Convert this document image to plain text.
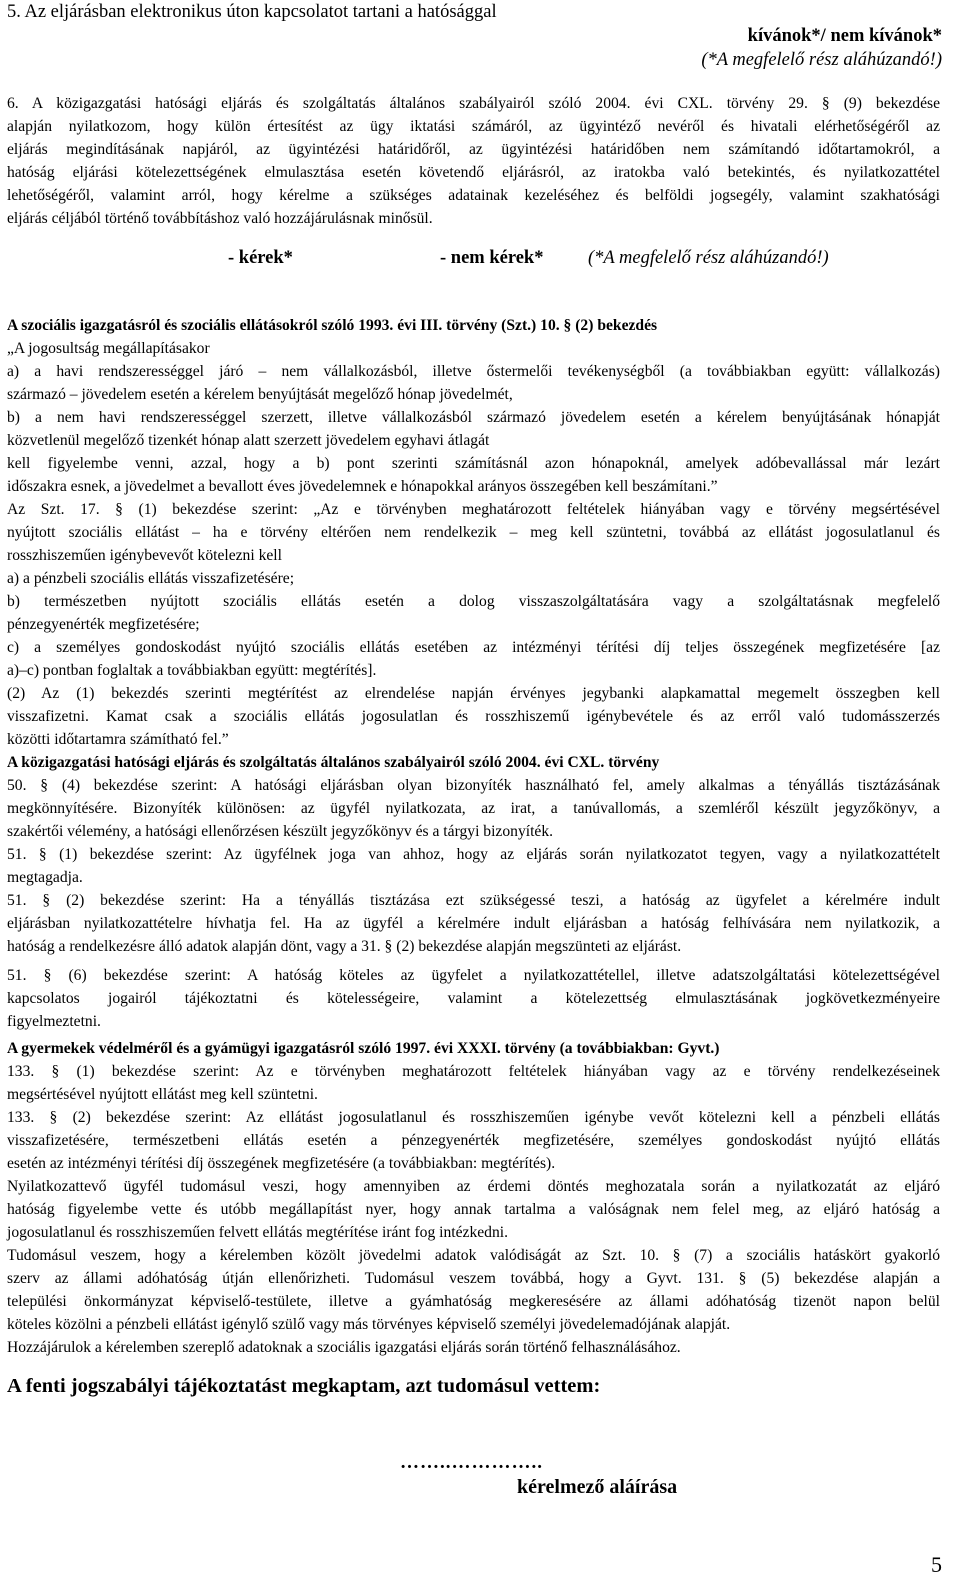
5. Az eljárásban elektronikus úton kapcsolatot tartani a hatósággal
kívánok*/ nem kívánok*
(*A megfelelő rész aláhúzandó!)
6. A közigazgatási hatósági eljárás és szolgáltatás általános szabályairól szóló 2004. évi CXL. törvény 29. § (9) bekezdése
alapján nyilatkozom, hogy külön értesítést az ügy iktatási számáról, az ügyintéző nevéről és hivatali elérhetőségéről az
eljárás megindításának napjáról, az ügyintézési határidőről, az ügyintézési határidőben nem számítandó időtartamokról, a
hatóság eljárási kötelezettségének elmulasztása esetén követendő eljárásról, az iratokba való betekintés, és nyilatkozattétel
lehetőségéről, valamint arról, hogy kérelme a szükséges adatainak kezeléséhez és belföldi jogsegély, valamint szakhatósági
eljárás céljából történő továbbításhoz való hozzájárulásnak minősül.
- kérek*	- nem kérek* (*A megfelelő rész aláhúzandó!)
A szociális igazgatásról és szociális ellátásokról szóló 1993. évi III. törvény (Szt.) 10. § (2) bekezdés
„A jogosultság megállapításakor
a) a havi rendszerességgel járó – nem vállalkozásból, illetve őstermelői tevékenységből (a továbbiakban együtt: vállalkozás)
származó – jövedelem esetén a kérelem benyújtását megelőző hónap jövedelmét,
b) a nem havi rendszerességgel szerzett, illetve vállalkozásból származó jövedelem esetén a kérelem benyújtásának hónapját
közvetlenül megelőző tizenkét hónap alatt szerzett jövedelem egyhavi átlagát
kell figyelembe venni, azzal, hogy a b) pont szerinti számításnál azon hónapoknál, amelyek adóbevallással már lezárt
időszakra esnek, a jövedelmet a bevallott éves jövedelemnek e hónapokkal arányos összegében kell beszámítani.”
Az Szt. 17. § (1) bekezdése szerint: „Az e törvényben meghatározott feltételek hiányában vagy e törvény megsértésével
nyújtott szociális ellátást – ha e törvény eltérően nem rendelkezik – meg kell szüntetni, továbbá az ellátást jogosulatlanul és
rosszhiszeműen igénybevevőt kötelezni kell
a) a pénzbeli szociális ellátás visszafizetésére;
b) természetben nyújtott szociális ellátás esetén a dolog visszaszolgáltatására vagy a szolgáltatásnak megfelelő
pénzegyenérték megfizetésére;
c) a személyes gondoskodást nyújtó szociális ellátás esetében az intézményi térítési díj teljes összegének megfizetésére [az
a)–c) pontban foglaltak a továbbiakban együtt: megtérítés].
(2) Az (1) bekezdés szerinti megtérítést az elrendelése napján érvényes jegybanki alapkamattal megemelt összegben kell
visszafizetni. Kamat csak a szociális ellátás jogosulatlan és rosszhiszemű igénybevétele és az erről való tudomásszerzés
közötti időtartamra számítható fel.”
A közigazgatási hatósági eljárás és szolgáltatás általános szabályairól szóló 2004. évi CXL. törvény
50. § (4) bekezdése szerint: A hatósági eljárásban olyan bizonyíték használható fel, amely alkalmas a tényállás tisztázásának
megkönnyítésére. Bizonyíték különösen: az ügyfél nyilatkozata, az irat, a tanúvallomás, a szemléről készült jegyzőkönyv, a
szakértői vélemény, a hatósági ellenőrzésen készült jegyzőkönyv és a tárgyi bizonyíték.
51. § (1) bekezdése szerint: Az ügyfélnek joga van ahhoz, hogy az eljárás során nyilatkozatot tegyen, vagy a nyilatkozattételt
megtagadja.
51. § (2) bekezdése szerint: Ha a tényállás tisztázása ezt szükségessé teszi, a hatóság az ügyfelet a kérelmére indult
eljárásban nyilatkozattételre hívhatja fel. Ha az ügyfél a kérelmére indult eljárásban a hatóság felhívására nem nyilatkozik, a
hatóság a rendelkezésre álló adatok alapján dönt, vagy a 31. § (2) bekezdése alapján megszünteti az eljárást.
51. § (6) bekezdése szerint: A hatóság köteles az ügyfelet a nyilatkozattétellel, illetve adatszolgáltatási kötelezettségével
kapcsolatos jogairól tájékoztatni és kötelességeire, valamint a kötelezettség elmulasztásának jogkövetkezményeire
figyelmeztetni.
A gyermekek védelméről és a gyámügyi igazgatásról szóló 1997. évi XXXI. törvény (a továbbiakban: Gyvt.)
133. § (1) bekezdése szerint: Az e törvényben meghatározott feltételek hiányában vagy az e törvény rendelkezéseinek
megsértésével nyújtott ellátást meg kell szüntetni.
133. § (2) bekezdése szerint: Az ellátást jogosulatlanul és rosszhiszeműen igénybe vevőt kötelezni kell a pénzbeli ellátás
visszafizetésére, természetbeni ellátás esetén a pénzegyenérték megfizetésére, személyes gondoskodást nyújtó ellátás
esetén az intézményi térítési díj összegének megfizetésére (a továbbiakban: megtérítés).
Nyilatkozattevő ügyfél tudomásul veszi, hogy amennyiben az érdemi döntés meghozatala során a nyilatkozatát az eljáró
hatóság figyelembe vette és utóbb megállapítást nyer, hogy annak tartalma a valóságnak nem felel meg, az eljáró hatóság a
jogosulatlanul és rosszhiszeműen felvett ellátás megtérítése iránt fog intézkedni.
Tudomásul veszem, hogy a kérelemben közölt jövedelmi adatok valódiságát az Szt. 10. § (7) a szociális hatáskört gyakorló
szerv az állami adóhatóság útján ellenőrizheti. Tudomásul veszem továbbá, hogy a Gyvt. 131. § (5) bekezdése alapján a
települési önkormányzat képviselő-testülete, illetve a gyámhatóság megkeresésére az állami adóhatóság tizenöt napon belül
köteles közölni a pénzbeli ellátást igénylő szülő vagy más törvényes képviselő személyi jövedelemadójának alapját.
Hozzájárulok a kérelemben szereplő adatoknak a szociális igazgatási eljárás során történő felhasználásához.
A fenti jogszabályi tájékoztatást megkaptam, azt tudomásul vettem:
……..…………..
kérelmező aláírása
5
